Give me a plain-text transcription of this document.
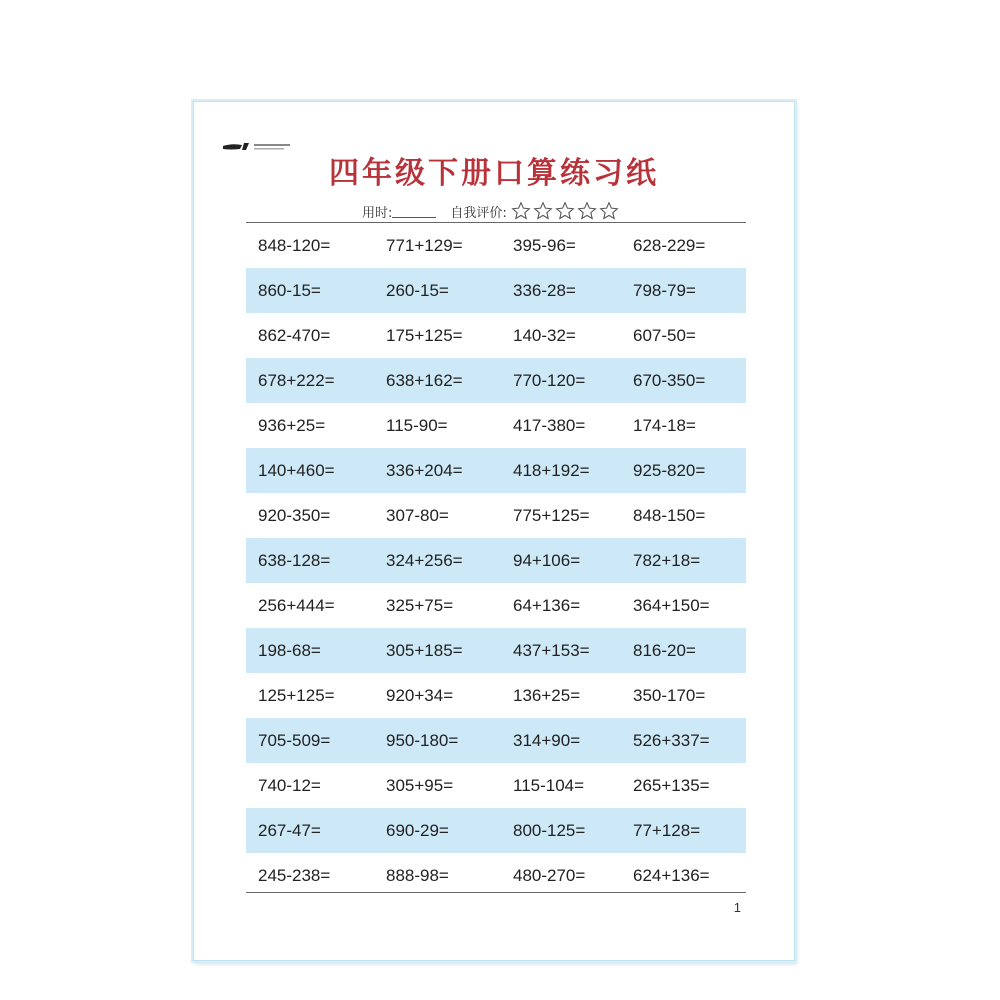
四年级下册口算练习纸
用时:	自我评价:
848-120=	771+129=	395-96=	628-229=
860-15=	260-15=	336-28=	798-79=
862-470=	175+125=	140-32=	607-50=
678+222=	638+162=	770-120=	670-350=
936+25=	115-90=	417-380=	174-18=
140+460=	336+204=	418+192=	925-820=
920-350=	307-80=	775+125=	848-150=
638-128=	324+256=	94+106=	782+18=
256+444=	325+75=	64+136=	364+150=
198-68=	305+185=	437+153=	816-20=
125+125=	920+34=	136+25=	350-170=
705-509=	950-180=	314+90=	526+337=
740-12=	305+95=	115-104=	265+135=
267-47=	690-29=	800-125=	77+128=
245-238=	888-98=	480-270=	624+136=
1
